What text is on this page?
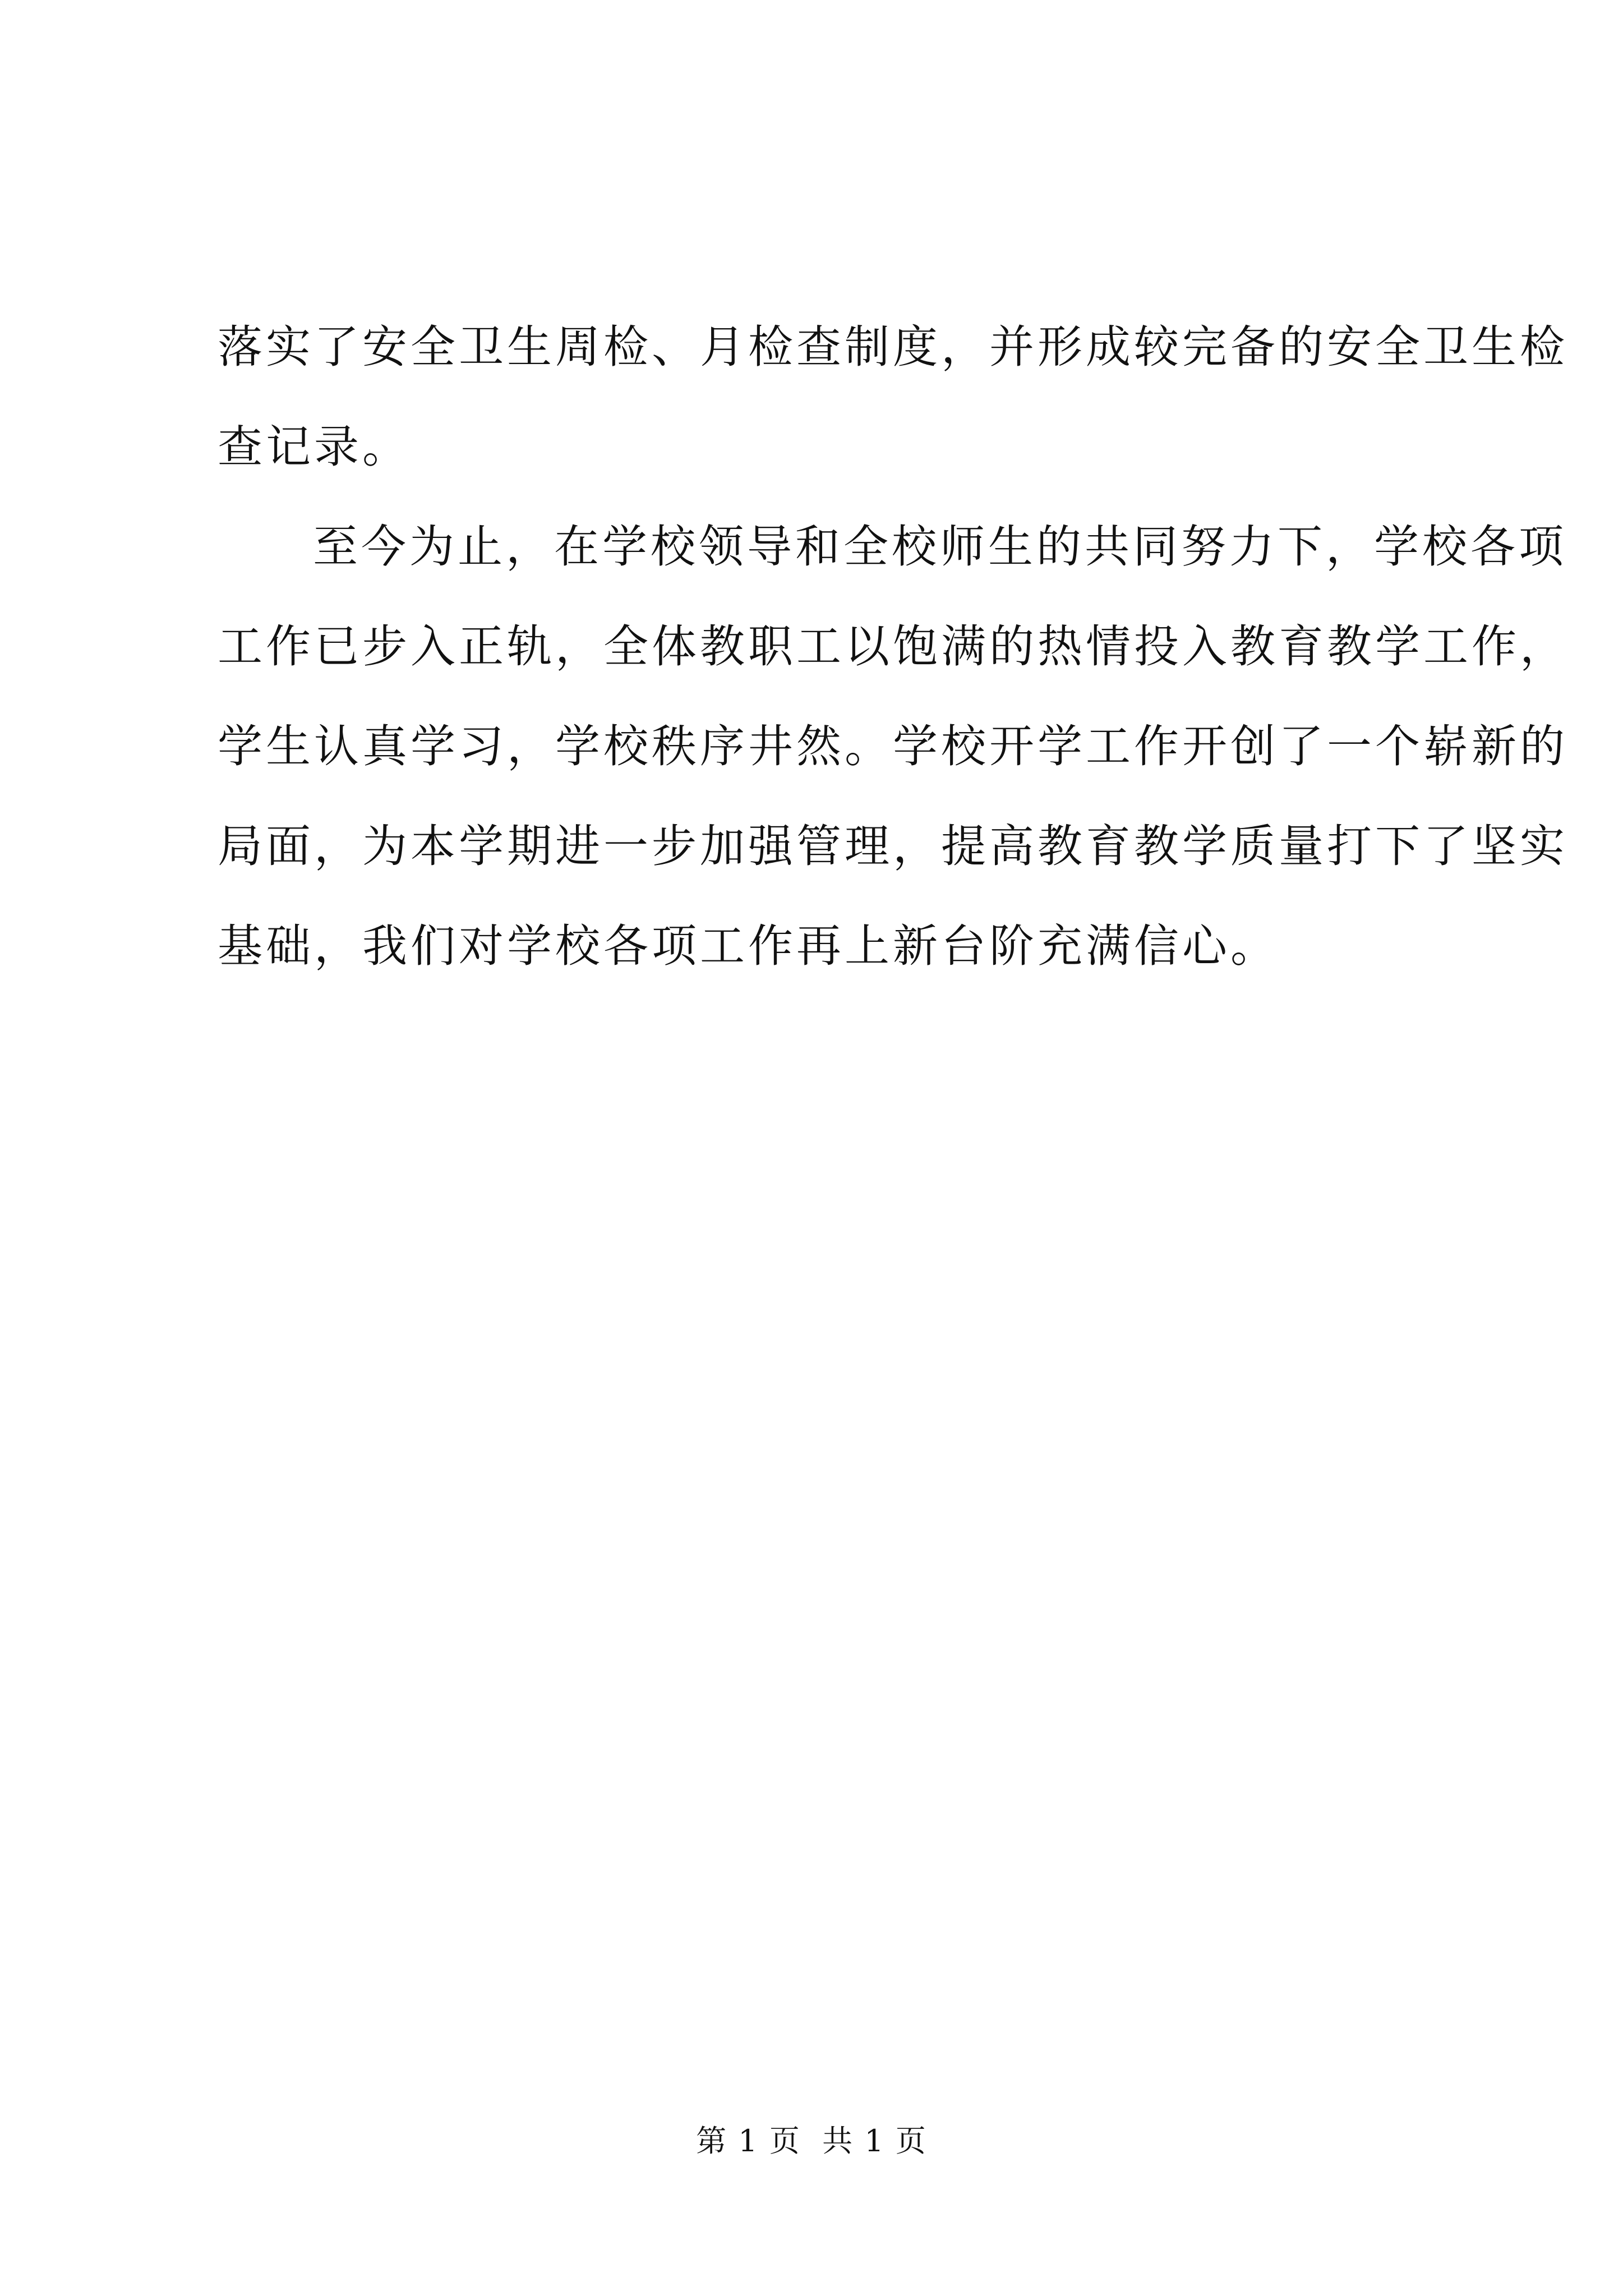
落实了安全卫生周检、月检查制度，并形成较完备的安全卫生检
查记录。
至今为止，在学校领导和全校师生的共同努力下，学校各项
工作已步入正轨，全体教职工以饱满的热情投入教育教学工作，
学生认真学习，学校秩序井然。学校开学工作开创了一个崭新的
局面，为本学期进一步加强管理，提高教育教学质量打下了坚实
基础，我们对学校各项工作再上新台阶充满信心。
第 1 页  共 1 页
